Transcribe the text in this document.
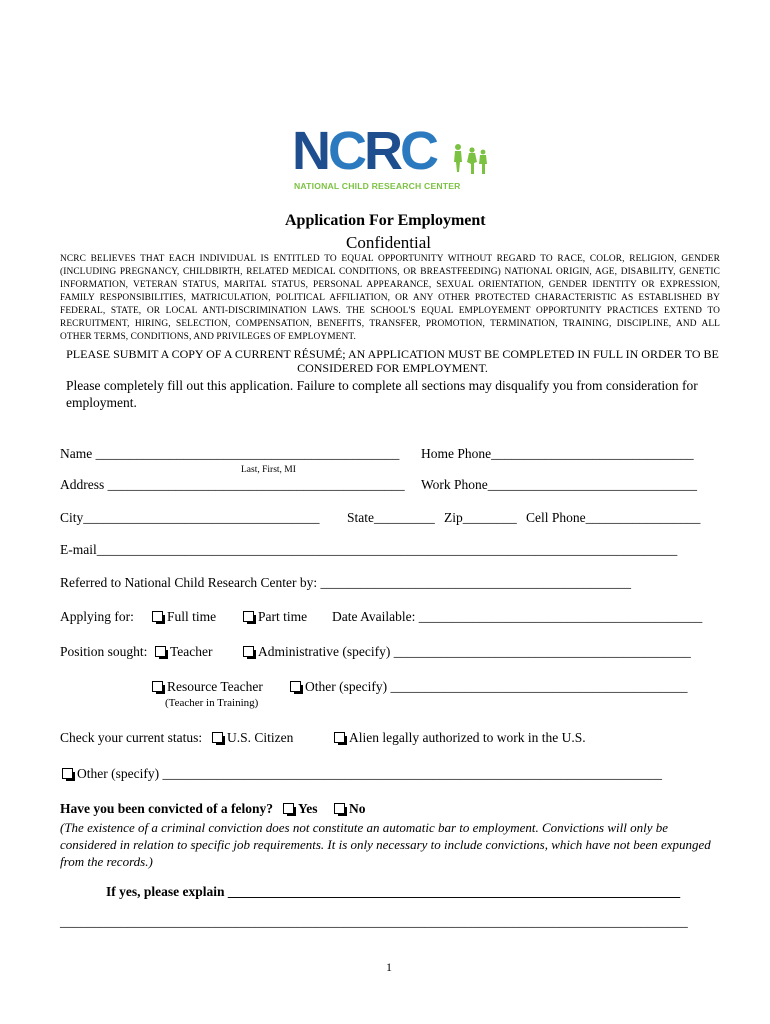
NCRC
NATIONAL CHILD RESEARCH CENTER
Application For Employment
Confidential
NCRC BELIEVES THAT EACH INDIVIDUAL IS ENTITLED TO EQUAL OPPORTUNITY WITHOUT REGARD TO RACE, COLOR, RELIGION, GENDER (INCLUDING PREGNANCY, CHILDBIRTH, RELATED MEDICAL CONDITIONS, OR BREASTFEEDING) NATIONAL ORIGIN, AGE, DISABILITY, GENETIC INFORMATION, VETERAN STATUS, MARITAL STATUS, PERSONAL APPEARANCE, SEXUAL ORIENTATION, GENDER IDENTITY OR EXPRESSION, FAMILY RESPONSIBILITIES, MATRICULATION, POLITICAL AFFILIATION, OR ANY OTHER PROTECTED CHARACTERISTIC AS ESTABLISHED BY FEDERAL, STATE, OR LOCAL ANTI-DISCRIMINATION LAWS. THE SCHOOL'S EQUAL EMPLOYEMENT OPPORTUNITY PRACTICES EXTEND TO RECRUITMENT, HIRING, SELECTION, COMPENSATION, BENEFITS, TRANSFER, PROMOTION, TERMINATION, TRAINING, DISCIPLINE, AND ALL OTHER TERMS, CONDITIONS, AND PRIVILEGES OF EMPLOYMENT.
PLEASE SUBMIT A COPY OF A CURRENT RÉSUMÉ; AN APPLICATION MUST BE COMPLETED IN FULL IN ORDER TO BE CONSIDERED FOR EMPLOYMENT.
Please completely fill out this application. Failure to complete all sections may disqualify you from consideration for employment.
Name _____________________________________________ Home Phone______________________________
Last, First, MI
Address ____________________________________________ Work Phone_______________________________
City___________________________________ State_________ Zip________ Cell Phone_________________
E-mail______________________________________________________________________________________
Referred to National Child Research Center by: ______________________________________________
Applying for:	Full time	Part time Date Available: __________________________________________
Position sought:	Teacher	Administrative (specify) ____________________________________________
Resource Teacher
(Teacher in Training)
Other (specify) ____________________________________________
Check your current status:	U.S. Citizen	Alien legally authorized to work in the U.S.
Other (specify) __________________________________________________________________________
Have you been convicted of a felony?	Yes	No
(The existence of a criminal conviction does not constitute an automatic bar to employment. Convictions will only be considered in relation to specific job requirements. It is only necessary to include convictions, which have not been expunged from the records.)
If yes, please explain ___________________________________________________________________
_____________________________________________________________________________________________
1
